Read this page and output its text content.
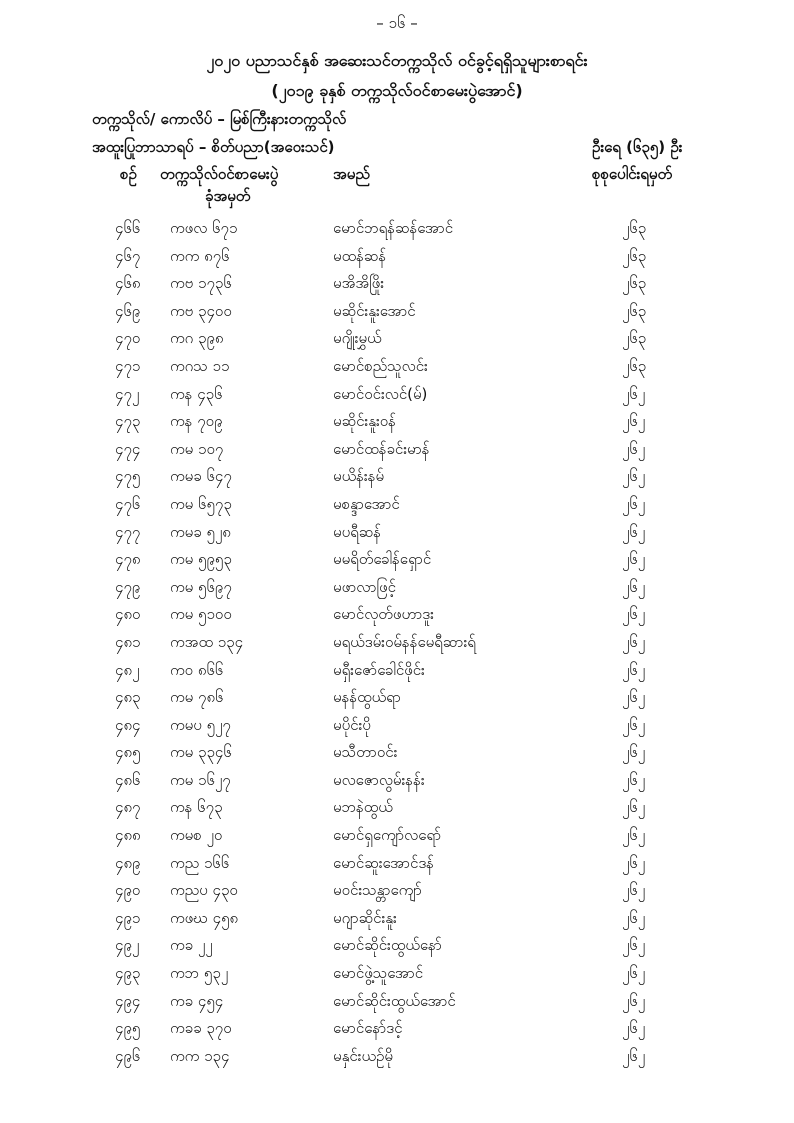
– ၁၆ –
၂၀၂၀ ပညာသင်နှစ် အဆေးသင်တက္ကသိုလ် ဝင်ခွင့်ရရှိသူများစာရင်း
(၂၀၁၉ ခုနှစ် တက္ကသိုလ်ဝင်စာမေးပွဲအောင်)
တက္ကသိုလ်/ ကောလိပ် – မြစ်ကြီးနားတက္ကသိုလ်
အထူးပြုဘာသာရပ် – စိတ်ပညာ(အဝေးသင်)	ဦးရေ (၆၃၅) ဦး
စဉ် တက္ကသိုလ်ဝင်စာမေးပွဲ
ခုံအမှတ်
အမည်	စုစုပေါင်းရမှတ်
၄၆၆ ကဖလ ၆၇၁	မောင်ဘရန်ဆန်အောင်	၂၆၃
၄၆၇ ကက ၈၇၆	မထန်ဆန်	၂၆၃
၄၆၈ ကဗ ၁၇၃၆	မအိအိဖြိုး	၂၆၃
၄၆၉ ကဗ ၃၄၀၀	မဆိုင်းနူးအောင်	၂၆၃
၄၇၀ ကဂ ၃၉၈	မဂျိုးမွှယ်	၂၆၃
၄၇၁ ကဂသ ၁၁	မောင်စည်သူလင်း	၂၆၃
၄၇၂ ကန ၄၃၆	မောင်ဝင်းလင်(မ်)	၂၆၂
၄၇၃ ကန ၇၀၉	မဆိုင်းနူးဝန်	၂၆၂
၄၇၄ ကမ ၁၀၇	မောင်ထန်ခင်းမာန်	၂၆၂
၄၇၅ ကမခ ၆၄၇	မယိန်းနမ်	၂၆၂
၄၇၆ ကမ ၆၅၇၃	မစန္ဒာအောင်	၂၆၂
၄၇၇ ကမခ ၅၂၈	မပရီဆန်	၂၆၂
၄၇၈ ကမ ၅၉၅၃	မမရိတ်ခေါန်ရှောင်	၂၆၂
၄၇၉ ကမ ၅၆၉၇	မဖာလာဖြင့်	၂၆၂
၄၈၀ ကမ ၅၁၀၀	မောင်လုတ်ဖဟာဒူး	၂၆၂
၄၈၁ ကအထ ၁၃၄	မရယ်ဒမ်းဝမ်နန်မေရီဆားရ်	၂၆၂
၄၈၂ ကဝ ၈၆၆	မရှီးဇော်ခေါင်ဖိုင်း	၂၆၂
၄၈၃ ကမ ၇၈၆	မနန်ထွယ်ရာ	၂၆၂
၄၈၄ ကမပ ၅၂၇	မပိုင်းပို	၂၆၂
၄၈၅ ကမ ၃၃၄၆	မသီတာဝင်း	၂၆၂
၄၈၆ ကမ ၁၆၂၇	မလဇောလွမ်းနန်း	၂၆၂
၄၈၇ ကန ၆၇၃	မဘနဲထွယ်	၂၆၂
၄၈၈ ကမစ ၂၀	မောင်ရှကျော်လရော်	၂၆၂
၄၈၉ ကည ၁၆၆	မောင်ဆူးအောင်ဒန်	၂၆၂
၄၉၀ ကညပ ၄၃၀	မဝင်းသန္တာကျော်	၂၆၂
၄၉၁ ကဖဃ ၄၅၈	မဂျာဆိုင်းနူး	၂၆၂
၄၉၂ ကခ ၂၂	မောင်ဆိုင်းထွယ်နော်	၂၆၂
၄၉၃ ကဘ ၅၃၂	မောင်ဖွဲ့သူအောင်	၂၆၂
၄၉၄ ကခ ၄၅၄	မောင်ဆိုင်းထွယ်အောင်	၂၆၂
၄၉၅ ကခခ ၃၇၀	မောင်နော်ဒင့်	၂၆၂
၄၉၆ ကက ၁၃၄	မနှင်းယဉ်မို	၂၆၂
